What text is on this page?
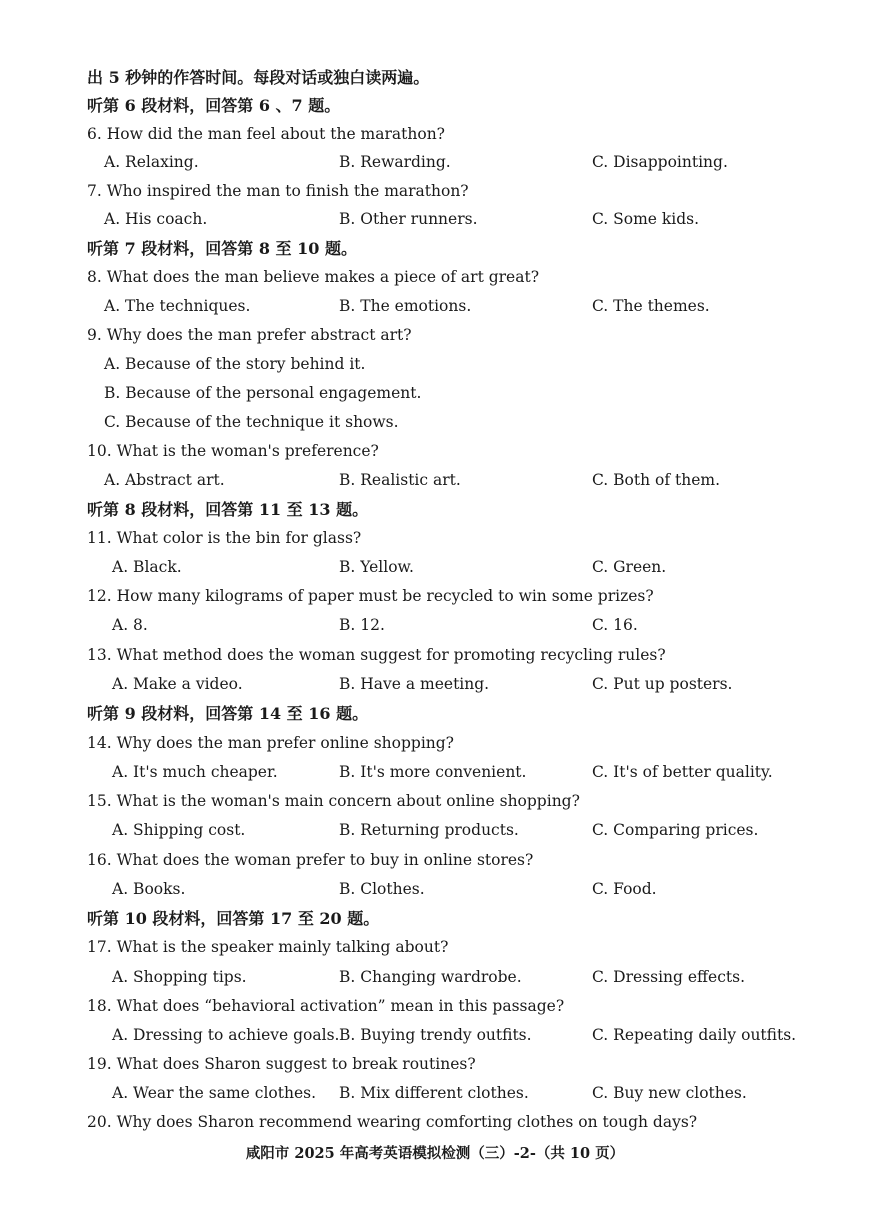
出 5 秒钟的作答时间。每段对话或独白读两遍。
听第 6 段材料，回答第 6 、7 题。
6. How did the man feel about the marathon?
A. Relaxing.	B. Rewarding.	C. Disappointing.
7. Who inspired the man to finish the marathon?
A. His coach.	B. Other runners.	C. Some kids.
听第 7 段材料，回答第 8 至 10 题。
8. What does the man believe makes a piece of art great?
A. The techniques.	B. The emotions.	C. The themes.
9. Why does the man prefer abstract art?
A. Because of the story behind it.
B. Because of the personal engagement.
C. Because of the technique it shows.
10. What is the woman's preference?
A. Abstract art.	B. Realistic art.	C. Both of them.
听第 8 段材料，回答第 11 至 13 题。
11. What color is the bin for glass?
A. Black.	B. Yellow.	C. Green.
12. How many kilograms of paper must be recycled to win some prizes?
A. 8.	B. 12.	C. 16.
13. What method does the woman suggest for promoting recycling rules?
A. Make a video.	B. Have a meeting.	C. Put up posters.
听第 9 段材料，回答第 14 至 16 题。
14. Why does the man prefer online shopping?
A. It's much cheaper.	B. It's more convenient.	C. It's of better quality.
15. What is the woman's main concern about online shopping?
A. Shipping cost.	B. Returning products.	C. Comparing prices.
16. What does the woman prefer to buy in online stores?
A. Books.	B. Clothes.	C. Food.
听第 10 段材料，回答第 17 至 20 题。
17. What is the speaker mainly talking about?
A. Shopping tips.	B. Changing wardrobe.	C. Dressing effects.
18. What does “behavioral activation” mean in this passage?
A. Dressing to achieve goals. B. Buying trendy outfits.	C. Repeating daily outfits.
19. What does Sharon suggest to break routines?
A. Wear the same clothes. B. Mix different clothes.	C. Buy new clothes.
20. Why does Sharon recommend wearing comforting clothes on tough days?
咸阳市 2025 年高考英语模拟检测（三）-2-（共 10 页）
